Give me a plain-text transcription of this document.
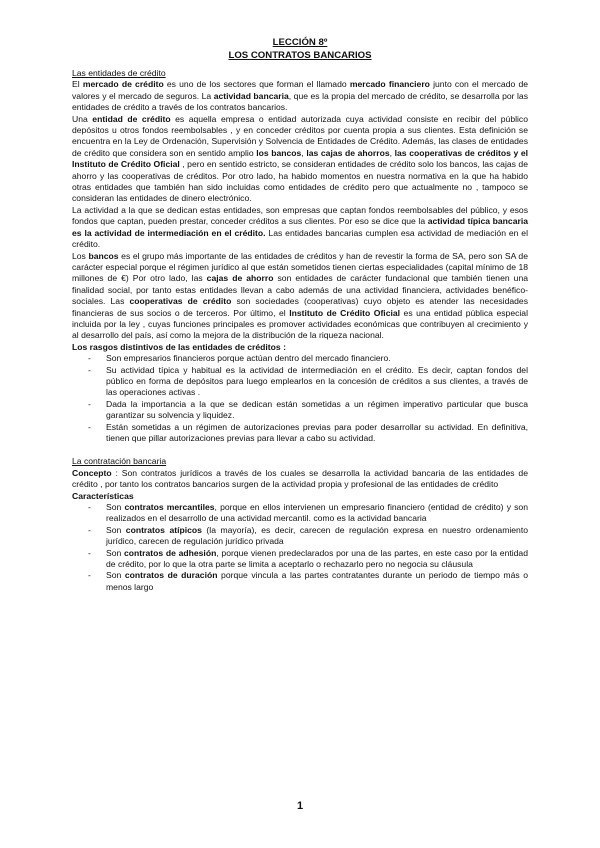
LECCIÓN 8º

LOS CONTRATOS BANCARIOS

Las entidades de crédito

El mercado de crédito es uno de los sectores que forman el llamado mercado financiero junto con el mercado de valores y el mercado de seguros. La actividad bancaria, que es la propia del mercado de crédito, se desarrolla por las entidades de crédito a través de los contratos bancarios.

Una entidad de crédito es aquella empresa o entidad autorizada cuya actividad consiste en recibir del público depósitos u otros fondos reembolsables , y en conceder créditos por cuenta propia a sus clientes. Esta definición se encuentra en la Ley de Ordenación, Supervisión y Solvencia de Entidades de Crédito. Además, las clases de entidades de crédito que considera son en sentido amplio los bancos, las cajas de ahorros, las cooperativas de créditos y el Instituto de Crédito Oficial , pero en sentido estricto, se consideran entidades de crédito solo los bancos, las cajas de ahorro y las cooperativas de créditos. Por otro lado, ha habido momentos en nuestra normativa en la que ha habido otras entidades que también han sido incluidas como entidades de crédito pero que actualmente no , tampoco se consideran las entidades de dinero electrónico.

La actividad a la que se dedican estas entidades, son empresas que captan fondos reembolsables del público, y esos fondos que captan, pueden prestar, conceder créditos a sus clientes. Por eso se dice que la actividad típica bancaria es la actividad de intermediación en el crédito. Las entidades bancarias cumplen esa actividad de mediación en el crédito.

Los bancos es el grupo más importante de las entidades de créditos y han de revestir la forma de SA, pero son SA de carácter especial porque el régimen jurídico al que están sometidos tienen ciertas especialidades (capital mínimo de 18 millones de €) Por otro lado, las cajas de ahorro son entidades de carácter fundacional que también tienen una finalidad social, por tanto estas entidades llevan a cabo además de una actividad financiera, actividades benéfico-sociales. Las cooperativas de crédito son sociedades (cooperativas) cuyo objeto es atender las necesidades financieras de sus socios o de terceros. Por último, el Instituto de Crédito Oficial es una entidad pública especial incluida por la ley , cuyas funciones principales es promover actividades económicas que contribuyen al crecimiento y al desarrollo del país, así como la mejora de la distribución de la riqueza nacional.

Los rasgos distintivos de las entidades de créditos :
- Son empresarios financieros porque actúan dentro del mercado financiero.
- Su actividad típica y habitual es la actividad de intermediación en el crédito. Es decir, captan fondos del público en forma de depósitos para luego emplearlos en la concesión de créditos a sus clientes, a través de las operaciones activas .
- Dada la importancia a la que se dedican están sometidas a un régimen imperativo particular que busca garantizar su solvencia y liquidez.
- Están sometidas a un régimen de autorizaciones previas para poder desarrollar su actividad. En definitiva, tienen que pillar autorizaciones previas para llevar a cabo su actividad.
La contratación bancaria

Concepto : Son contratos jurídicos a través de los cuales se desarrolla la actividad bancaria de las entidades de crédito , por tanto los contratos bancarios surgen de la actividad propia y profesional de las entidades de crédito

Características
- Son contratos mercantiles, porque en ellos intervienen un empresario financiero (entidad de crédito) y son realizados en el desarrollo de una actividad mercantil. como es la actividad bancaria
- Son contratos atípicos (la mayoría), es decir, carecen de regulación expresa en nuestro ordenamiento jurídico, carecen de regulación jurídico privada
- Son contratos de adhesión, porque vienen predeclarados por una de las partes, en este caso por la entidad de crédito, por lo que la otra parte se limita a aceptarlo o rechazarlo pero no negocia su cláusula
- Son contratos de duración porque vincula a las partes contratantes durante un periodo de tiempo más o menos largo
1
